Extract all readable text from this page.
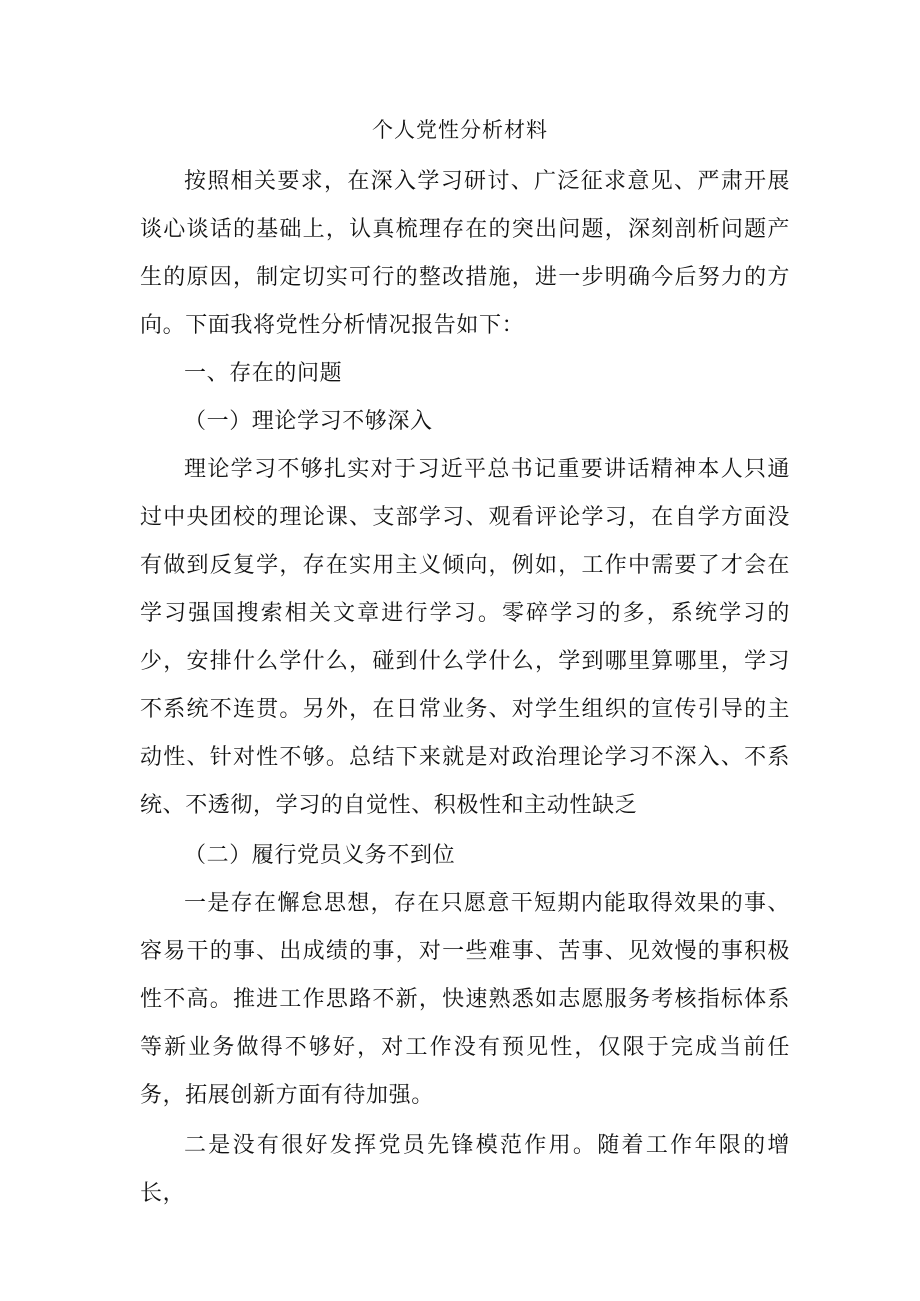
个人党性分析材料

按照相关要求，在深入学习研讨、广泛征求意见、严肃开展谈心谈话的基础上，认真梳理存在的突出问题，深刻剖析问题产生的原因，制定切实可行的整改措施，进一步明确今后努力的方向。下面我将党性分析情况报告如下：

一、存在的问题
（一）理论学习不够深入

理论学习不够扎实对于习近平总书记重要讲话精神本人只通过中央团校的理论课、支部学习、观看评论学习，在自学方面没有做到反复学，存在实用主义倾向，例如，工作中需要了才会在学习强国搜索相关文章进行学习。零碎学习的多，系统学习的少，安排什么学什么，碰到什么学什么，学到哪里算哪里，学习不系统不连贯。另外，在日常业务、对学生组织的宣传引导的主动性、针对性不够。总结下来就是对政治理论学习不深入、不系统、不透彻，学习的自觉性、积极性和主动性缺乏

（二）履行党员义务不到位

一是存在懈怠思想，存在只愿意干短期内能取得效果的事、容易干的事、出成绩的事，对一些难事、苦事、见效慢的事积极性不高。推进工作思路不新，快速熟悉如志愿服务考核指标体系等新业务做得不够好，对工作没有预见性，仅限于完成当前任务，拓展创新方面有待加强。

二是没有很好发挥党员先锋模范作用。随着工作年限的增长，
